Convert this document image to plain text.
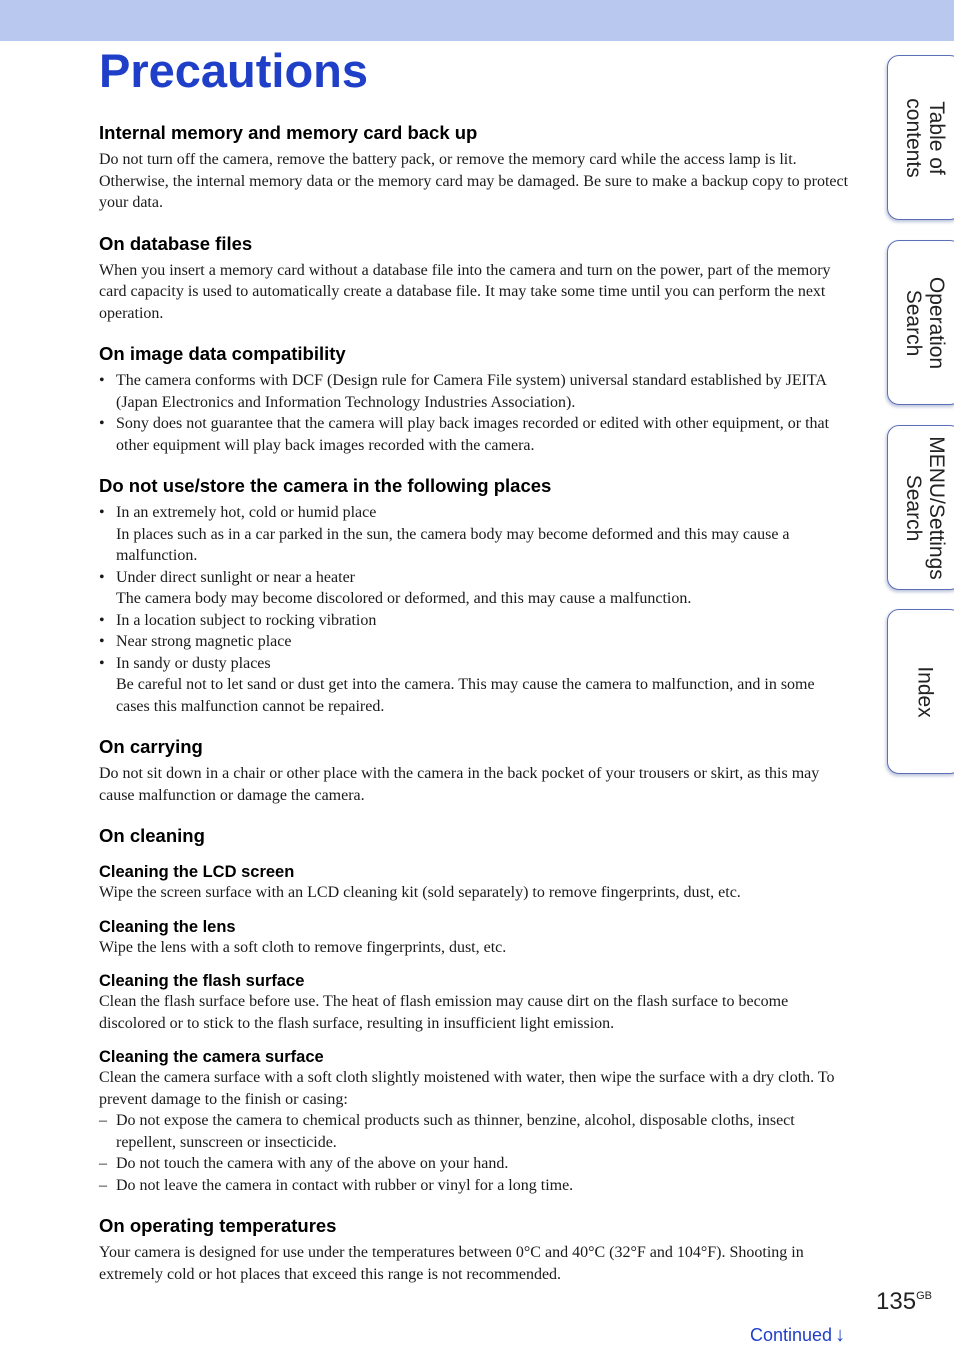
Precautions
Internal memory and memory card back up

Do not turn off the camera, remove the battery pack, or remove the memory card while the access lamp is lit. Otherwise, the internal memory data or the memory card may be damaged. Be sure to make a backup copy to protect your data.

On database files

When you insert a memory card without a database file into the camera and turn on the power, part of the memory card capacity is used to automatically create a database file. It may take some time until you can perform the next operation.

On image data compatibility
• The camera conforms with DCF (Design rule for Camera File system) universal standard established by JEITA (Japan Electronics and Information Technology Industries Association).
• Sony does not guarantee that the camera will play back images recorded or edited with other equipment, or that other equipment will play back images recorded with the camera.
Do not use/store the camera in the following places
• In an extremely hot, cold or humid place
In places such as in a car parked in the sun, the camera body may become deformed and this may cause a malfunction.
• Under direct sunlight or near a heater
The camera body may become discolored or deformed, and this may cause a malfunction.
• In a location subject to rocking vibration
• Near strong magnetic place
• In sandy or dusty places
Be careful not to let sand or dust get into the camera. This may cause the camera to malfunction, and in some cases this malfunction cannot be repaired.
On carrying

Do not sit down in a chair or other place with the camera in the back pocket of your trousers or skirt, as this may cause malfunction or damage the camera.

On cleaning
Cleaning the LCD screen

Wipe the screen surface with an LCD cleaning kit (sold separately) to remove fingerprints, dust, etc.

Cleaning the lens

Wipe the lens with a soft cloth to remove fingerprints, dust, etc.

Cleaning the flash surface

Clean the flash surface before use. The heat of flash emission may cause dirt on the flash surface to become discolored or to stick to the flash surface, resulting in insufficient light emission.

Cleaning the camera surface

Clean the camera surface with a soft cloth slightly moistened with water, then wipe the surface with a dry cloth. To prevent damage to the finish or casing:

– Do not expose the camera to chemical products such as thinner, benzine, alcohol, disposable cloths, insect repellent, sunscreen or insecticide.
– Do not touch the camera with any of the above on your hand.
– Do not leave the camera in contact with rubber or vinyl for a long time.
On operating temperatures

Your camera is designed for use under the temperatures between 0°C and 40°C (32°F and 104°F). Shooting in extremely cold or hot places that exceed this range is not recommended.

Table of
contents
Operation
Search
MENU/Settings
Search
Index
$135^{GB}$
Continued ↓
